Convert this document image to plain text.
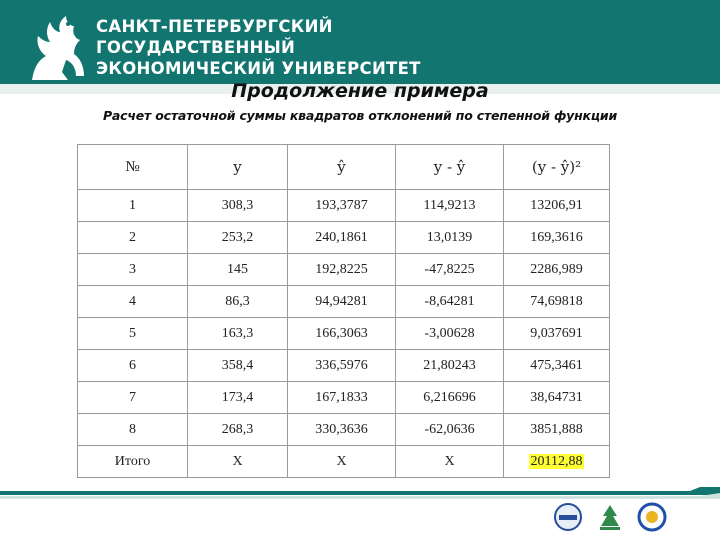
САНКТ-ПЕТЕРБУРГСКИЙ
ГОСУДАРСТВЕННЫЙ
ЭКОНОМИЧЕСКИЙ УНИВЕРСИТЕТ
Продолжение примера
Расчет остаточной суммы квадратов отклонений по степенной функции
№	y	ŷ	y - ŷ	(y - ŷ)²
1	308,3	193,3787	114,9213	13206,91
2	253,2	240,1861	13,0139	169,3616
3	145	192,8225	-47,8225	2286,989
4	86,3	94,94281	-8,64281	74,69818
5	163,3	166,3063	-3,00628	9,037691
6	358,4	336,5976	21,80243	475,3461
7	173,4	167,1833	6,216696	38,64731
8	268,3	330,3636	-62,0636	3851,888
Итого	X	X	X	20112,88
